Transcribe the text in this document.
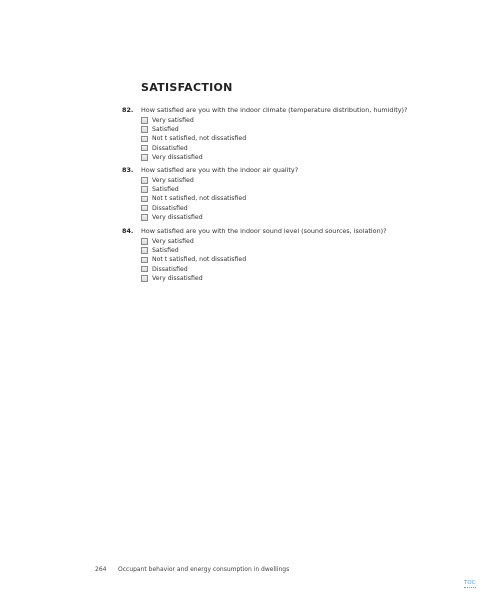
SATISFACTION
82. How satisfied are you with the indoor climate (temperature distribution, humidity)?
Very satisfied
Satisfied
Not t satisfied, not dissatisfied
Dissatisfied
Very dissatisfied
83. How satisfied are you with the indoor air quality?
Very satisfied
Satisfied
Not t satisfied, not dissatisfied
Dissatisfied
Very dissatisfied
84. How satisfied are you with the indoor sound level (sound sources, isolation)?
Very satisfied
Satisfied
Not t satisfied, not dissatisfied
Dissatisfied
Very dissatisfied
264 Occupant behavior and energy consumption in dwellings
TOC
